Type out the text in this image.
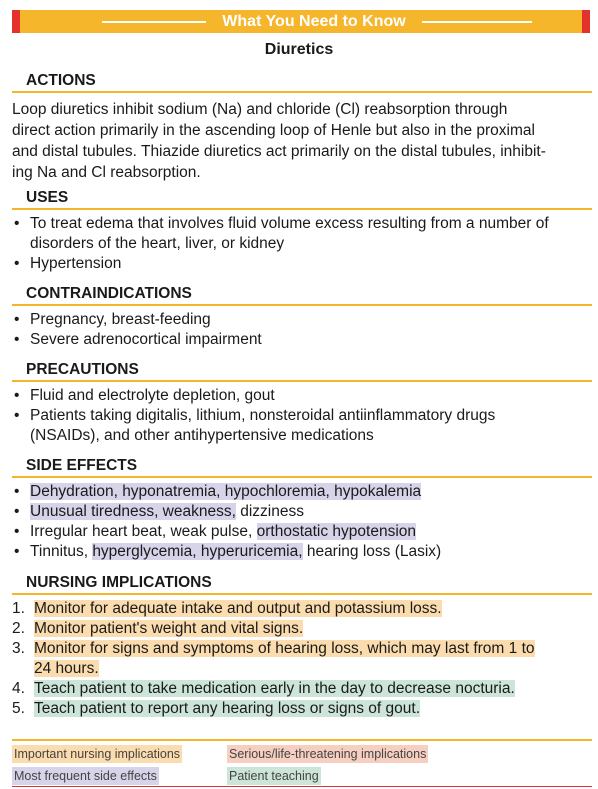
What You Need to Know
Diuretics
ACTIONS
Loop diuretics inhibit sodium (Na) and chloride (Cl) reabsorption through
direct action primarily in the ascending loop of Henle but also in the proximal
and distal tubules. Thiazide diuretics act primarily on the distal tubules, inhibit-
ing Na and Cl reabsorption.
USES
• To treat edema that involves fluid volume excess resulting from a number of
disorders of the heart, liver, or kidney
• Hypertension
CONTRAINDICATIONS
• Pregnancy, breast-feeding
• Severe adrenocortical impairment
PRECAUTIONS
• Fluid and electrolyte depletion, gout
• Patients taking digitalis, lithium, nonsteroidal antiinflammatory drugs
(NSAIDs), and other antihypertensive medications
SIDE EFFECTS
• Dehydration, hyponatremia, hypochloremia, hypokalemia
• Unusual tiredness, weakness, dizziness
• Irregular heart beat, weak pulse, orthostatic hypotension
• Tinnitus, hyperglycemia, hyperuricemia, hearing loss (Lasix)
NURSING IMPLICATIONS
1. Monitor for adequate intake and output and potassium loss.
2. Monitor patient's weight and vital signs.
3. Monitor for signs and symptoms of hearing loss, which may last from 1 to
24 hours.
4. Teach patient to take medication early in the day to decrease nocturia.
5. Teach patient to report any hearing loss or signs of gout.
Important nursing implications	Serious/life-threatening implications
Most frequent side effects	Patient teaching
